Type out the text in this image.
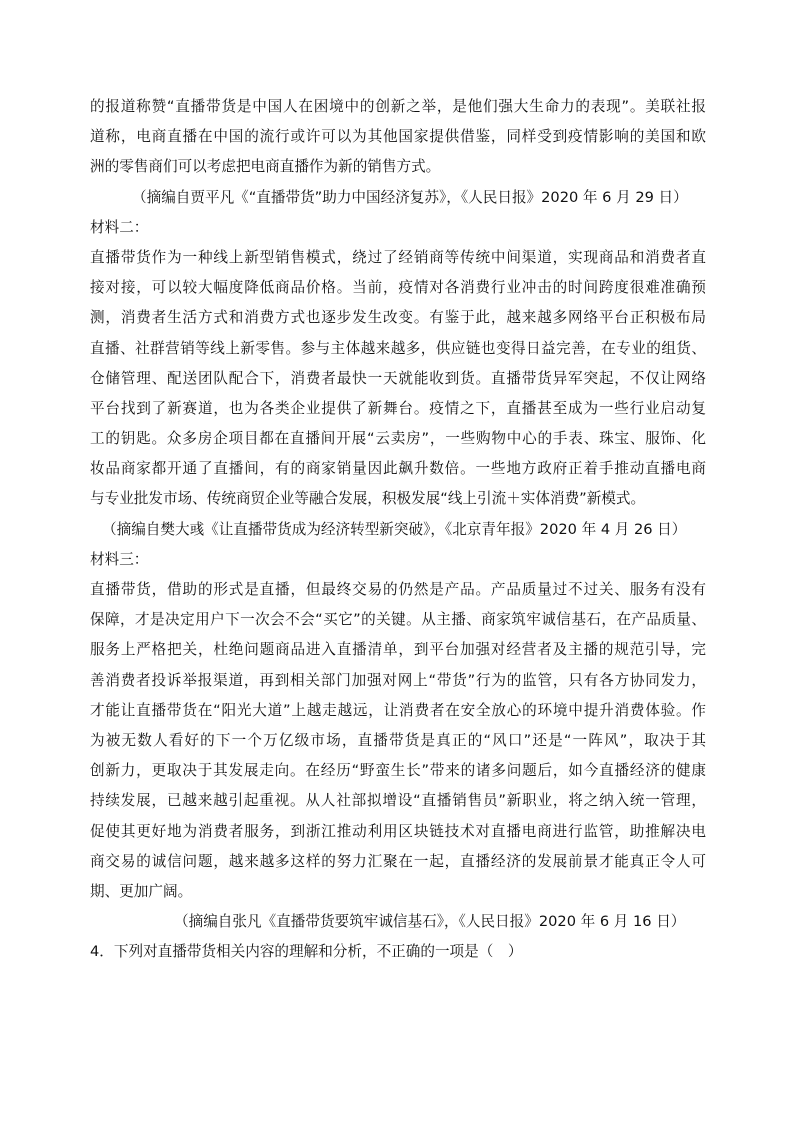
的报道称赞“直播带货是中国人在困境中的创新之举，是他们强大生命力的表现”。美联社报
道称，电商直播在中国的流行或许可以为其他国家提供借鉴，同样受到疫情影响的美国和欧
洲的零售商们可以考虑把电商直播作为新的销售方式。
（摘编自贾平凡《“直播带货”助力中国经济复苏》，《人民日报》2020 年 6 月 29 日）
材料二：
直播带货作为一种线上新型销售模式，绕过了经销商等传统中间渠道，实现商品和消费者直
接对接，可以较大幅度降低商品价格。当前，疫情对各消费行业冲击的时间跨度很难准确预
测，消费者生活方式和消费方式也逐步发生改变。有鉴于此，越来越多网络平台正积极布局
直播、社群营销等线上新零售。参与主体越来越多，供应链也变得日益完善，在专业的组货、
仓储管理、配送团队配合下，消费者最快一天就能收到货。直播带货异军突起，不仅让网络
平台找到了新赛道，也为各类企业提供了新舞台。疫情之下，直播甚至成为一些行业启动复
工的钥匙。众多房企项目都在直播间开展“云卖房”，一些购物中心的手表、珠宝、服饰、化
妆品商家都开通了直播间，有的商家销量因此飙升数倍。一些地方政府正着手推动直播电商
与专业批发市场、传统商贸企业等融合发展，积极发展“线上引流＋实体消费”新模式。
（摘编自樊大彧《让直播带货成为经济转型新突破》，《北京青年报》2020 年 4 月 26 日）
材料三：
直播带货，借助的形式是直播，但最终交易的仍然是产品。产品质量过不过关、服务有没有
保障，才是决定用户下一次会不会“买它”的关键。从主播、商家筑牢诚信基石，在产品质量、
服务上严格把关，杜绝问题商品进入直播清单，到平台加强对经营者及主播的规范引导，完
善消费者投诉举报渠道，再到相关部门加强对网上“带货”行为的监管，只有各方协同发力，
才能让直播带货在“阳光大道”上越走越远，让消费者在安全放心的环境中提升消费体验。作
为被无数人看好的下一个万亿级市场，直播带货是真正的“风口”还是“一阵风”，取决于其
创新力，更取决于其发展走向。在经历“野蛮生长”带来的诸多问题后，如今直播经济的健康
持续发展，已越来越引起重视。从人社部拟增设“直播销售员”新职业，将之纳入统一管理，
促使其更好地为消费者服务，到浙江推动利用区块链技术对直播电商进行监管，助推解决电
商交易的诚信问题，越来越多这样的努力汇聚在一起，直播经济的发展前景才能真正令人可
期、更加广阔。
（摘编自张凡《直播带货要筑牢诚信基石》，《人民日报》2020 年 6 月 16 日）
4．下列对直播带货相关内容的理解和分析，不正确的一项是（　）
